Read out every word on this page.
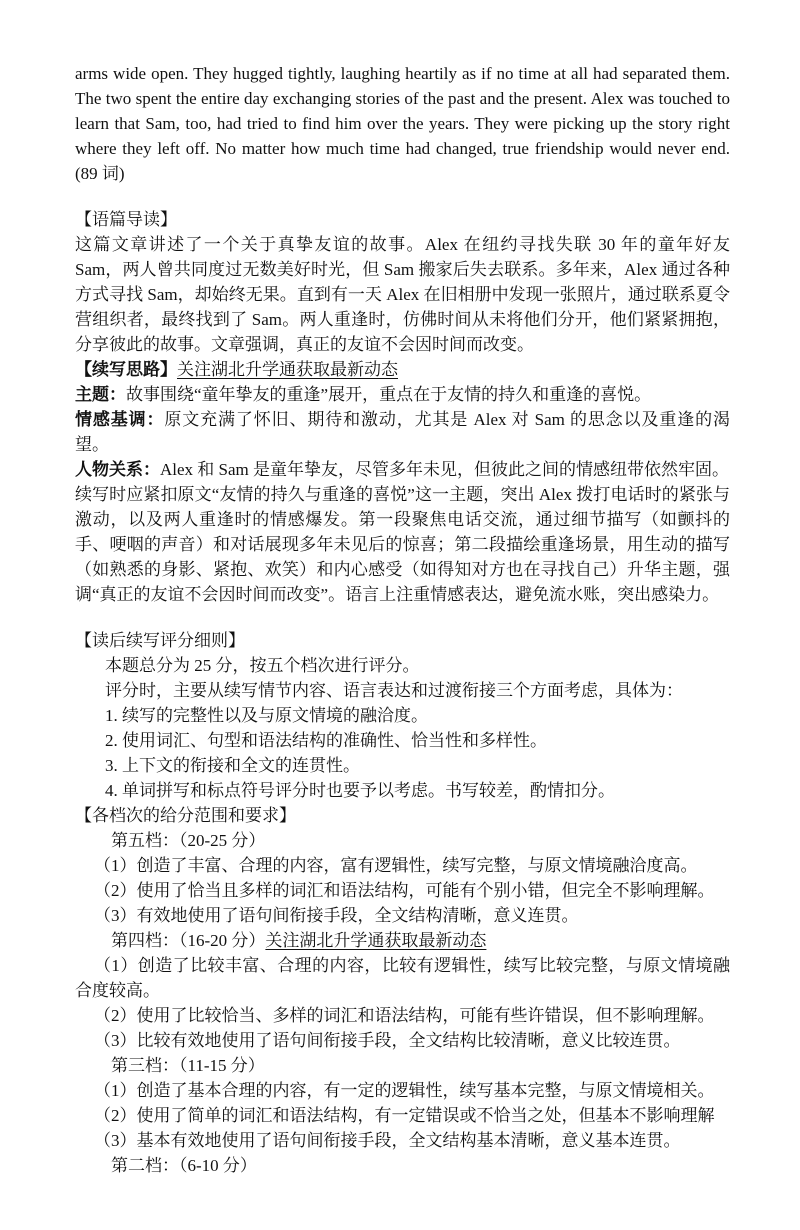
arms wide open. They hugged tightly, laughing heartily as if no time at all had separated them. The two spent the entire day exchanging stories of the past and the present. Alex was touched to learn that Sam, too, had tried to find him over the years. They were picking up the story right where they left off. No matter how much time had changed, true friendship would never end. (89 词)

【语篇导读】

这篇文章讲述了一个关于真挚友谊的故事。Alex 在纽约寻找失联 30 年的童年好友 Sam，两人曾共同度过无数美好时光，但 Sam 搬家后失去联系。多年来，Alex 通过各种方式寻找 Sam，却始终无果。直到有一天 Alex 在旧相册中发现一张照片，通过联系夏令营组织者，最终找到了 Sam。两人重逢时，仿佛时间从未将他们分开，他们紧紧拥抱，分享彼此的故事。文章强调，真正的友谊不会因时间而改变。

【续写思路】关注湖北升学通获取最新动态

主题：故事围绕“童年挚友的重逢”展开，重点在于友情的持久和重逢的喜悦。

情感基调：原文充满了怀旧、期待和激动，尤其是 Alex 对 Sam 的思念以及重逢的渴望。

人物关系：Alex 和 Sam 是童年挚友，尽管多年未见，但彼此之间的情感纽带依然牢固。

续写时应紧扣原文“友情的持久与重逢的喜悦”这一主题，突出 Alex 拨打电话时的紧张与激动，以及两人重逢时的情感爆发。第一段聚焦电话交流，通过细节描写（如颤抖的手、哽咽的声音）和对话展现多年未见后的惊喜；第二段描绘重逢场景，用生动的描写（如熟悉的身影、紧抱、欢笑）和内心感受（如得知对方也在寻找自己）升华主题，强调“真正的友谊不会因时间而改变”。语言上注重情感表达，避免流水账，突出感染力。

【读后续写评分细则】

本题总分为 25 分，按五个档次进行评分。

评分时，主要从续写情节内容、语言表达和过渡衔接三个方面考虑，具体为：

1. 续写的完整性以及与原文情境的融洽度。

2. 使用词汇、句型和语法结构的准确性、恰当性和多样性。

3. 上下文的衔接和全文的连贯性。

4. 单词拼写和标点符号评分时也要予以考虑。书写较差，酌情扣分。

【各档次的给分范围和要求】

第五档：（20-25 分）

（1）创造了丰富、合理的内容，富有逻辑性，续写完整，与原文情境融洽度高。

（2）使用了恰当且多样的词汇和语法结构，可能有个别小错，但完全不影响理解。

（3）有效地使用了语句间衔接手段，全文结构清晰，意义连贯。

第四档：（16-20 分）关注湖北升学通获取最新动态

（1）创造了比较丰富、合理的内容，比较有逻辑性，续写比较完整，与原文情境融合度较高。

（2）使用了比较恰当、多样的词汇和语法结构，可能有些许错误，但不影响理解。

（3）比较有效地使用了语句间衔接手段，全文结构比较清晰，意义比较连贯。

第三档：（11-15 分）

（1）创造了基本合理的内容，有一定的逻辑性，续写基本完整，与原文情境相关。

（2）使用了简单的词汇和语法结构，有一定错误或不恰当之处，但基本不影响理解

（3）基本有效地使用了语句间衔接手段，全文结构基本清晰，意义基本连贯。

第二档：（6-10 分）
